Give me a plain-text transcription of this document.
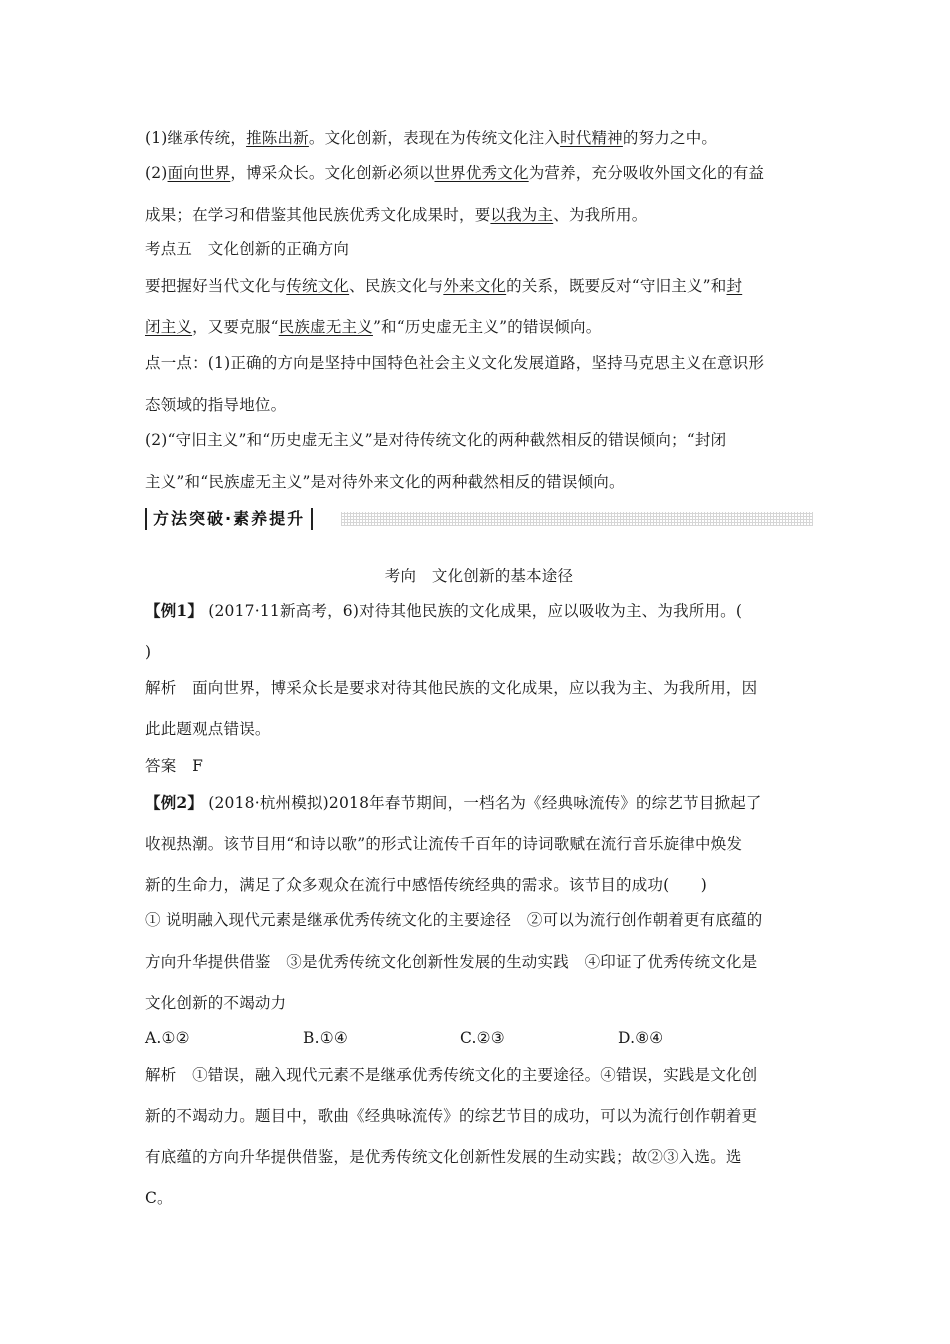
(1)继承传统，推陈出新。文化创新，表现在为传统文化注入时代精神的努力之中。
(2)面向世界，博采众长。文化创新必须以世界优秀文化为营养，充分吸收外国文化的有益
成果；在学习和借鉴其他民族优秀文化成果时，要以我为主、为我所用。
考点五　文化创新的正确方向
要把握好当代文化与传统文化、民族文化与外来文化的关系，既要反对“守旧主义”和封
闭主义，又要克服“民族虚无主义”和“历史虚无主义”的错误倾向。
点一点：(1)正确的方向是坚持中国特色社会主义文化发展道路，坚持马克思主义在意识形
态领域的指导地位。
(2)“守旧主义”和“历史虚无主义”是对待传统文化的两种截然相反的错误倾向；“封闭
主义”和“民族虚无主义”是对待外来文化的两种截然相反的错误倾向。
方法突破·素养提升
考向　文化创新的基本途径
【例1】 (2017·11新高考，6)对待其他民族的文化成果，应以吸收为主、为我所用。(
)
解析　面向世界，博采众长是要求对待其他民族的文化成果，应以我为主、为我所用，因
此此题观点错误。
答案　F
【例2】 (2018·杭州模拟)2018年春节期间，一档名为《经典咏流传》的综艺节目掀起了
收视热潮。该节目用“和诗以歌”的形式让流传千百年的诗词歌赋在流行音乐旋律中焕发
新的生命力，满足了众多观众在流行中感悟传统经典的需求。该节目的成功(　　)
① 说明融入现代元素是继承优秀传统文化的主要途径　②可以为流行创作朝着更有底蕴的
方向升华提供借鉴　③是优秀传统文化创新性发展的生动实践　④印证了优秀传统文化是
文化创新的不竭动力
A.①②	B.①④	C.②③	D.⑧④
解析　①错误，融入现代元素不是继承优秀传统文化的主要途径。④错误，实践是文化创
新的不竭动力。题目中，歌曲《经典咏流传》的综艺节目的成功，可以为流行创作朝着更
有底蕴的方向升华提供借鉴，是优秀传统文化创新性发展的生动实践；故②③入选。选
C。
